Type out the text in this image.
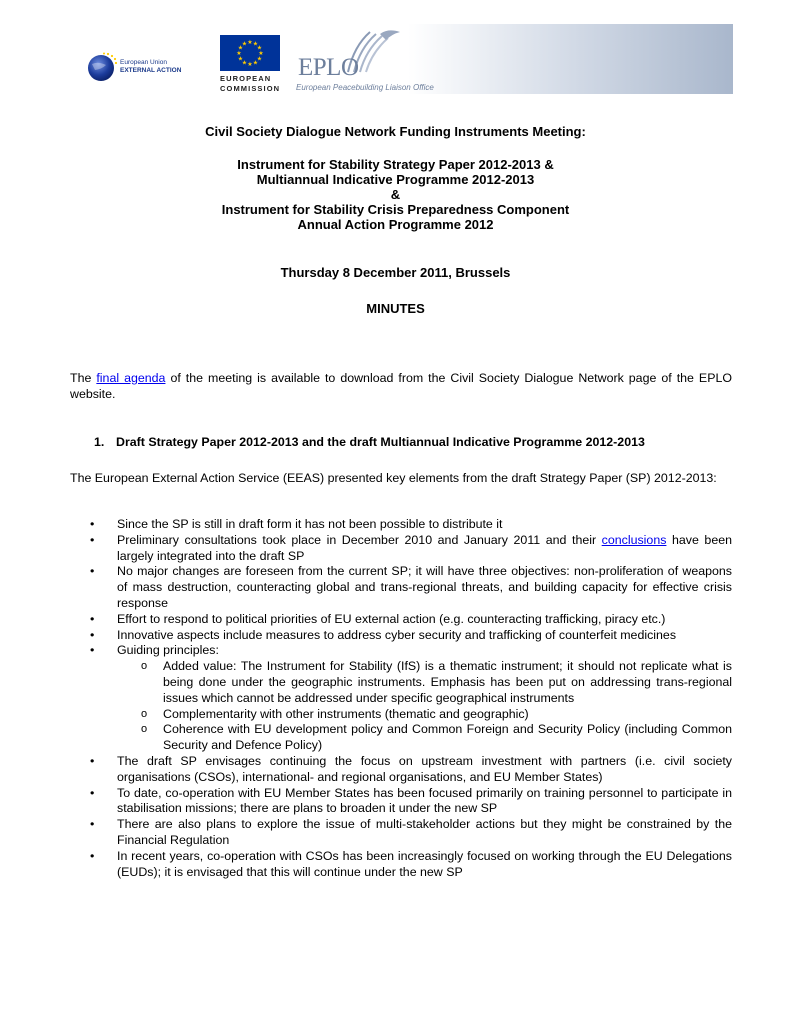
European Union
EXTERNAL ACTION
★ ★
★
★
★
★
★
★
★
★
★
★
EUROPEAN
COMMISSION
EPLO
European Peacebuilding Liaison Office
Civil Society Dialogue Network Funding Instruments Meeting:
Instrument for Stability Strategy Paper 2012-2013 &
Multiannual Indicative Programme 2012-2013
&
Instrument for Stability Crisis Preparedness Component
Annual Action Programme 2012
Thursday 8 December 2011, Brussels
MINUTES
The final agenda of the meeting is available to download from the Civil Society Dialogue Network page of the EPLO website.
1. Draft Strategy Paper 2012-2013 and the draft Multiannual Indicative Programme 2012-2013
The European External Action Service (EEAS) presented key elements from the draft Strategy Paper (SP) 2012-2013:
• Since the SP is still in draft form it has not been possible to distribute it
• Preliminary consultations took place in December 2010 and January 2011 and their conclusions have been largely integrated into the draft SP
• No major changes are foreseen from the current SP; it will have three objectives: non-proliferation of weapons of mass destruction, counteracting global and trans-regional threats, and building capacity for effective crisis response
• Effort to respond to political priorities of EU external action (e.g. counteracting trafficking, piracy etc.)
• Innovative aspects include measures to address cyber security and trafficking of counterfeit medicines
• Guiding principles:
o Added value: The Instrument for Stability (IfS) is a thematic instrument; it should not replicate what is being done under the geographic instruments. Emphasis has been put on addressing trans-regional issues which cannot be addressed under specific geographical instruments
o Complementarity with other instruments (thematic and geographic)
o Coherence with EU development policy and Common Foreign and Security Policy (including Common Security and Defence Policy)
• The draft SP envisages continuing the focus on upstream investment with partners (i.e. civil society organisations (CSOs), international- and regional organisations, and EU Member States)
• To date, co-operation with EU Member States has been focused primarily on training personnel to participate in stabilisation missions; there are plans to broaden it under the new SP
• There are also plans to explore the issue of multi-stakeholder actions but they might be constrained by the Financial Regulation
• In recent years, co-operation with CSOs has been increasingly focused on working through the EU Delegations (EUDs); it is envisaged that this will continue under the new SP
